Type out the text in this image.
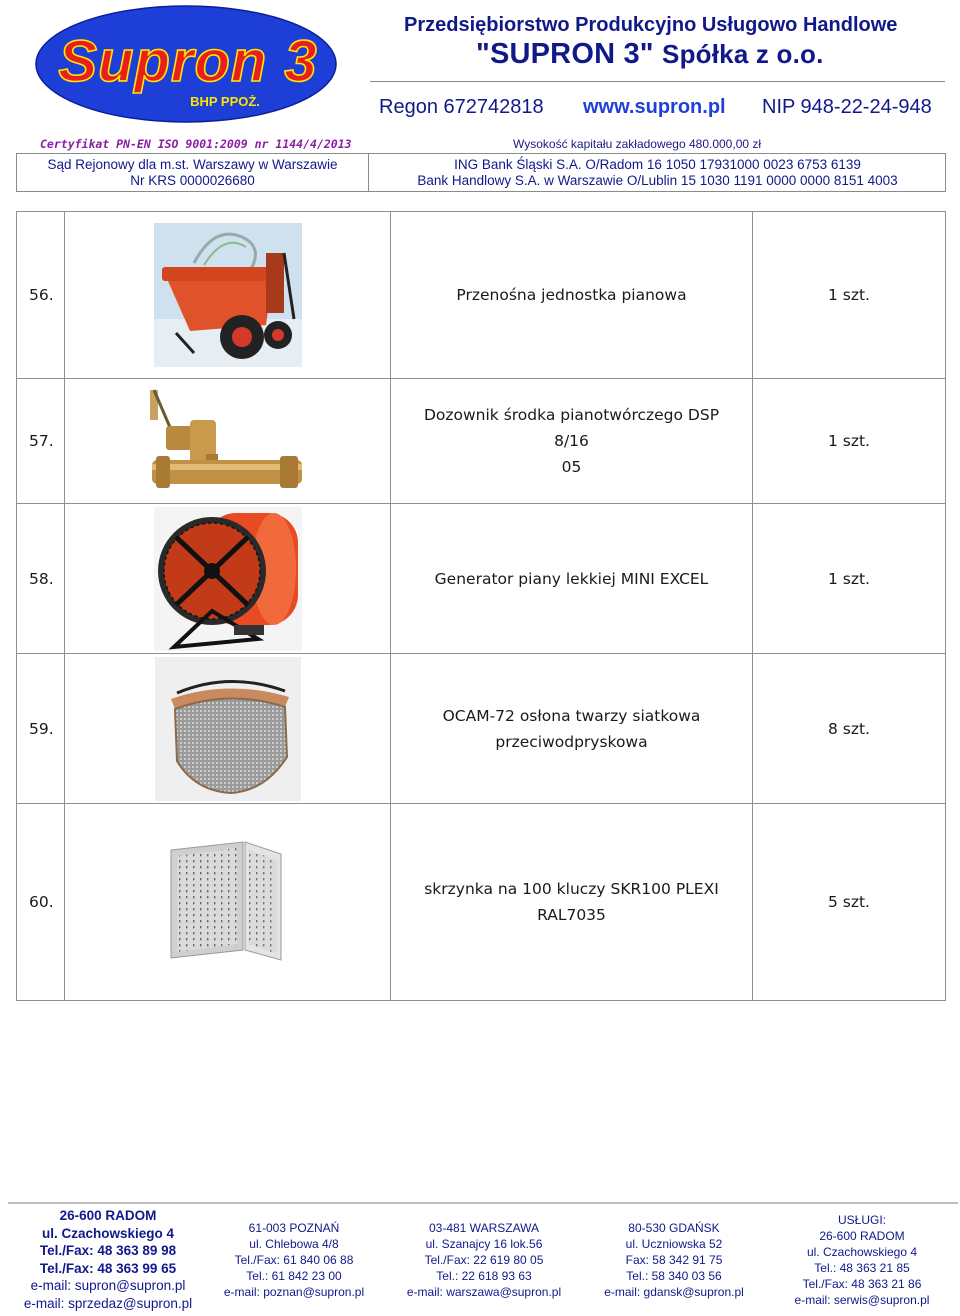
Supron 3
BHP PPOŻ.
Przedsiębiorstwo Produkcyjno Usługowo Handlowe
"SUPRON 3" Spółka z o.o.
Regon 672742818 www.supron.pl NIP 948-22-24-948
Certyfikat PN-EN ISO 9001:2009 nr 1144/4/2013	Wysokość kapitału zakładowego 480.000,00 zł
Sąd Rejonowy dla m.st. Warszawy w Warszawie
Nr KRS 0000026680
ING Bank Śląski S.A. O/Radom 16 1050 17931000 0023 6753 6139
Bank Handlowy S.A. w Warszawie O/Lublin 15 1030 1191 0000 0000 8151 4003
56.		Przenośna jednostka pianowa	1 szt.
57.		Dozownik środka pianotwórczego DSP 8/16
05	1 szt.
58.		Generator piany lekkiej MINI EXCEL	1 szt.
59.		OCAM-72 osłona twarzy siatkowa
przeciwodpryskowa	8 szt.
60.		skrzynka na 100 kluczy SKR100 PLEXI
RAL7035	5 szt.
26-600 RADOM
ul. Czachowskiego 4
Tel./Fax: 48 363 89 98
Tel./Fax: 48 363 99 65
e-mail: supron@supron.pl
e-mail: sprzedaz@supron.pl
61-003 POZNAŃ
ul. Chlebowa 4/8
Tel./Fax: 61 840 06 88
Tel.: 61 842 23 00
e-mail: poznan@supron.pl
03-481 WARSZAWA
ul. Szanajcy 16 lok.56
Tel./Fax: 22 619 80 05
Tel.: 22 618 93 63
e-mail: warszawa@supron.pl
80-530 GDAŃSK
ul. Uczniowska 52
Fax: 58 342 91 75
Tel.: 58 340 03 56
e-mail: gdansk@supron.pl
USŁUGI:
26-600 RADOM
ul. Czachowskiego 4
Tel.: 48 363 21 85
Tel./Fax: 48 363 21 86
e-mail: serwis@supron.pl
